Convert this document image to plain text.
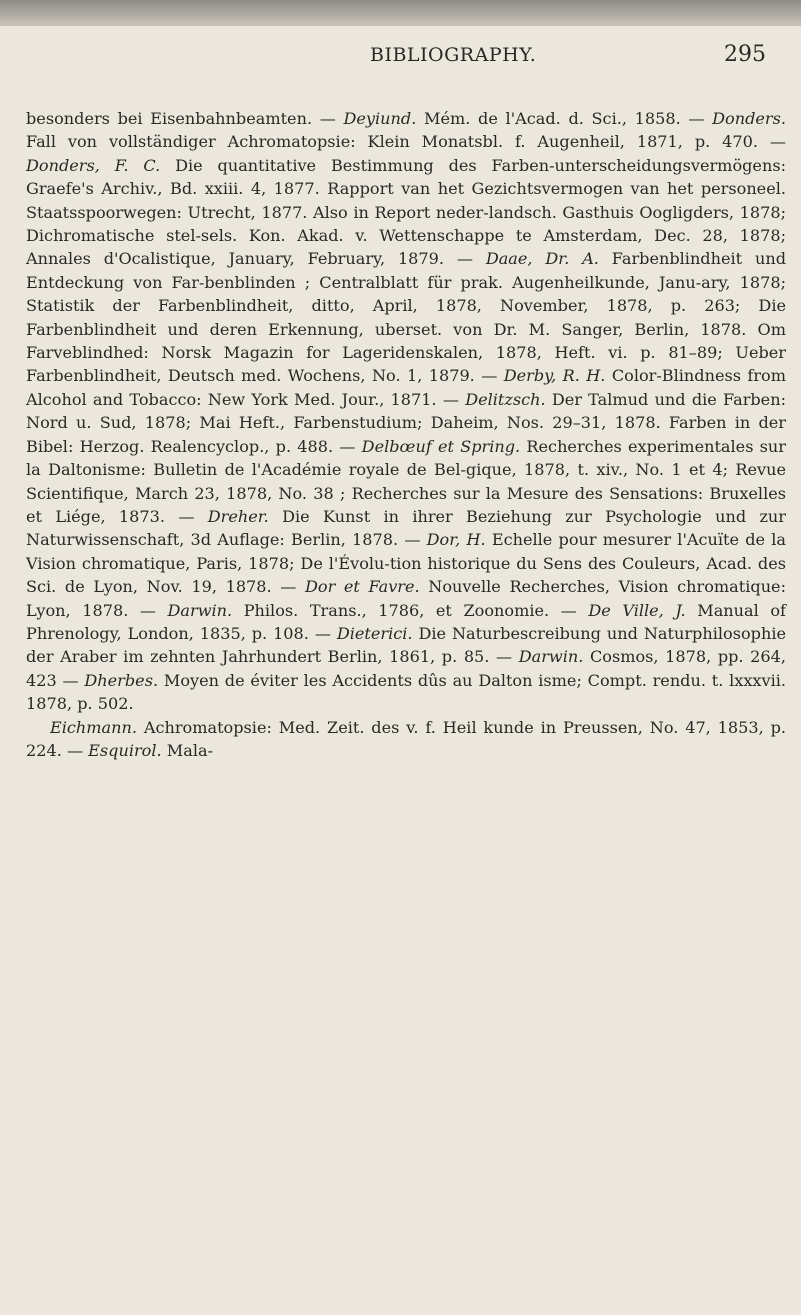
BIBLIOGRAPHY.	295

besonders bei Eisenbahnbeamten. — Deyiund. Mém. de l'Acad. d. Sci., 1858. — Donders. Fall von vollständiger Achromatopsie: Klein Monatsbl. f. Augenheil, 1871, p. 470. — Donders, F. C. Die quantitative Bestimmung des Farben-unterscheidungsvermögens: Graefe's Archiv., Bd. xxiii. 4, 1877. Rapport van het Gezichtsvermogen van het personeel. Staatsspoorwegen: Utrecht, 1877. Also in Report neder-landsch. Gasthuis Oogligders, 1878; Dichromatische stel-sels. Kon. Akad. v. Wettenschappe te Amsterdam, Dec. 28, 1878; Annales d'Ocalistique, January, February, 1879. — Daae, Dr. A. Farbenblindheit und Entdeckung von Far-benblinden ; Centralblatt für prak. Augenheilkunde, Janu-ary, 1878; Statistik der Farbenblindheit, ditto, April, 1878, November, 1878, p. 263; Die Farbenblindheit und deren Erkennung, uberset. von Dr. M. Sanger, Berlin, 1878. Om Farveblindhed: Norsk Magazin for Lageridenskalen, 1878, Heft. vi. p. 81–89; Ueber Farbenblindheit, Deutsch med. Wochens, No. 1, 1879. — Derby, R. H. Color-Blindness from Alcohol and Tobacco: New York Med. Jour., 1871. — Delitzsch. Der Talmud und die Farben: Nord u. Sud, 1878; Mai Heft., Farbenstudium; Daheim, Nos. 29–31, 1878. Farben in der Bibel: Herzog. Realencyclop., p. 488. — Delbœuf et Spring. Recherches experimentales sur la Daltonisme: Bulletin de l'Académie royale de Bel-gique, 1878, t. xiv., No. 1 et 4; Revue Scientifique, March 23, 1878, No. 38 ; Recherches sur la Mesure des Sensations: Bruxelles et Liége, 1873. — Dreher. Die Kunst in ihrer Beziehung zur Psychologie und zur Naturwissenschaft, 3d Auflage: Berlin, 1878. — Dor, H. Echelle pour mesurer l'Acuïte de la Vision chromatique, Paris, 1878; De l'Évolu-tion historique du Sens des Couleurs, Acad. des Sci. de Lyon, Nov. 19, 1878. — Dor et Favre. Nouvelle Recherches, Vision chromatique: Lyon, 1878. — Darwin. Philos. Trans., 1786, et Zoonomie. — De Ville, J. Manual of Phrenology, London, 1835, p. 108. — Dieterici. Die Naturbescreibung und Naturphilosophie der Araber im zehnten Jahrhundert Berlin, 1861, p. 85. — Darwin. Cosmos, 1878, pp. 264, 423 — Dherbes. Moyen de éviter les Accidents dûs au Dalton isme; Compt. rendu. t. lxxxvii. 1878, p. 502.

Eichmann. Achromatopsie: Med. Zeit. des v. f. Heil kunde in Preussen, No. 47, 1853, p. 224. — Esquirol. Mala-
